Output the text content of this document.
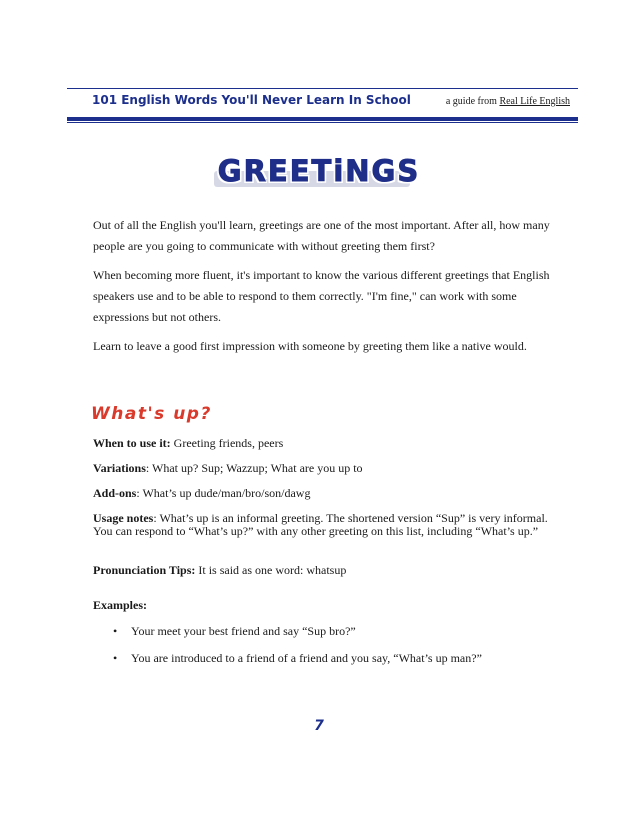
101 English Words You'll Never Learn In School	a guide from Real Life English
GREETiNGS

Out of all the English you'll learn, greetings are one of the most important. After all, how many people are you going to communicate with without greeting them first?

When becoming more fluent, it's important to know the various different greetings that English speakers use and to be able to respond to them correctly. "I'm fine," can work with some expressions but not others.

Learn to leave a good first impression with someone by greeting them like a native would.

What's up?

When to use it: Greeting friends, peers

Variations: What up? Sup; Wazzup; What are you up to

Add-ons: What’s up dude/man/bro/son/dawg

Usage notes: What’s up is an informal greeting. The shortened version “Sup” is very informal. You can respond to “What’s up?” with any other greeting on this list, including “What’s up.”

Pronunciation Tips: It is said as one word: whatsup

Examples:

• Your meet your best friend and say “Sup bro?”
• You are introduced to a friend of a friend and you say, “What’s up man?”
7
